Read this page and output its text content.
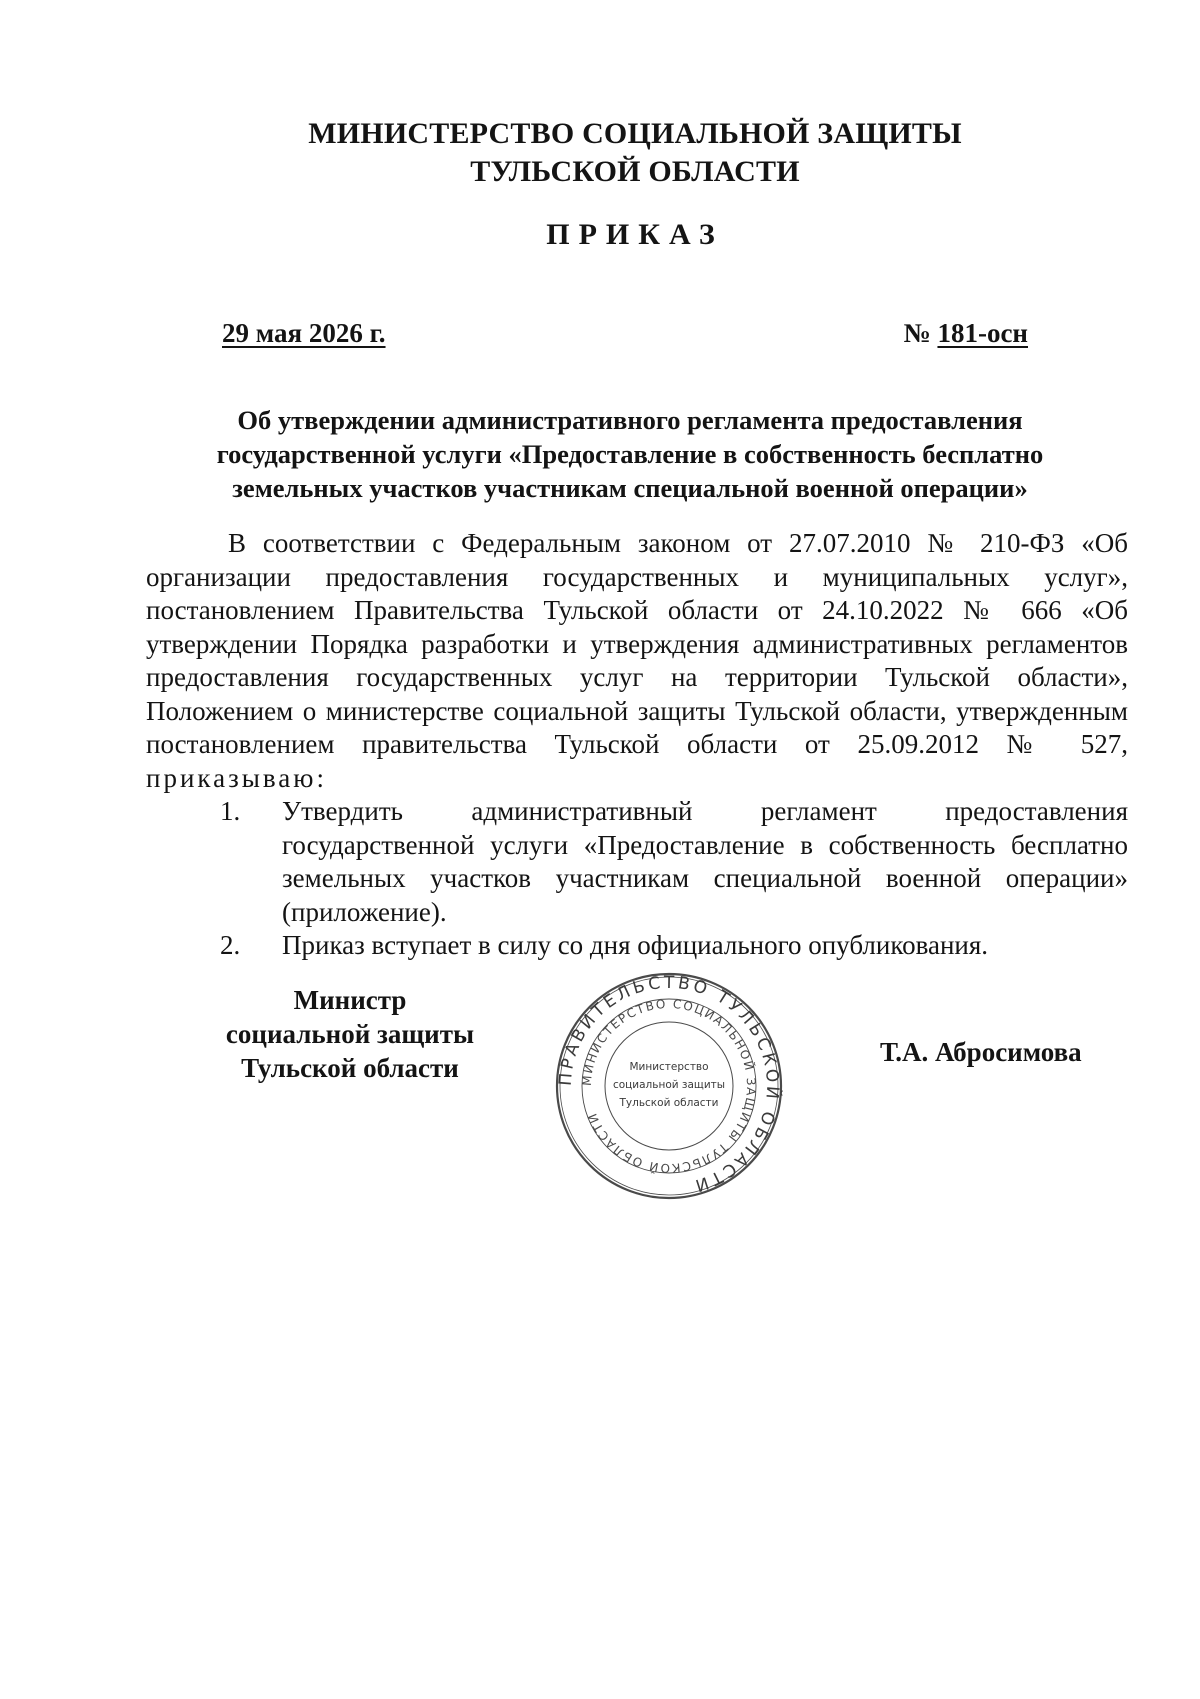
МИНИСТЕРСТВО СОЦИАЛЬНОЙ ЗАЩИТЫ
ТУЛЬСКОЙ ОБЛАСТИ
ПРИКАЗ
29 мая 2026 г.	№ 181-осн
Об утверждении административного регламента предоставления
государственной услуги «Предоставление в собственность бесплатно
земельных участков участникам специальной военной операции»

В соответствии с Федеральным законом от 27.07.2010 № 210-ФЗ «Об организации предоставления государственных и муниципальных услуг», постановлением Правительства Тульской области от 24.10.2022 № 666 «Об утверждении Порядка разработки и утверждения административных регламентов предоставления государственных услуг на территории Тульской области», Положением о министерстве социальной защиты Тульской области, утвержденным постановлением правительства Тульской области от 25.09.2012 № 527, приказываю:

1.	Утвердить административный регламент предоставления государственной услуги «Предоставление в собственность бесплатно земельных участков участникам специальной военной операции» (приложение).
2.	Приказ вступает в силу со дня официального опубликования.
Министр
социальной защиты
Тульской области	ПРАВИТЕЛЬСТВО ТУЛЬСКОЙ ОБЛАСТИ
МИНИСТЕРСТВО СОЦИАЛЬНОЙ ЗАЩИТЫ ТУЛЬСКОЙ ОБЛАСТИ
Министерство
социальной защиты
Тульской области
Т.А. Абросимова
